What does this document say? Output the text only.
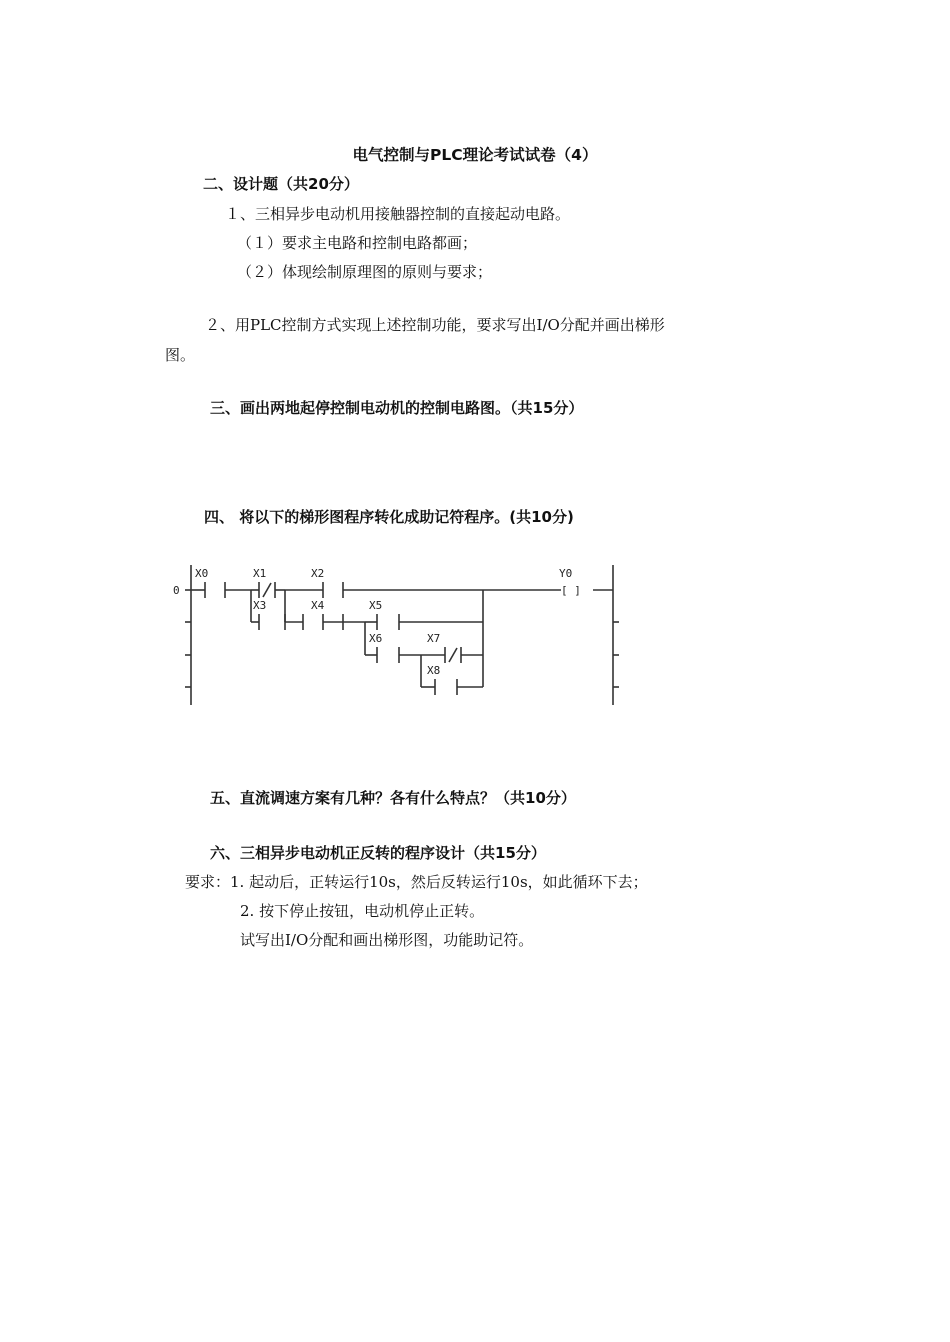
电气控制与PLC理论考试试卷（4）
二、设计题（共20分）
１、三相异步电动机用接触器控制的直接起动电路。
（１）要求主电路和控制电路都画；
（２）体现绘制原理图的原则与要求；
２、用PLC控制方式实现上述控制功能，要求写出I/O分配并画出梯形
图。
三、画出两地起停控制电动机的控制电路图。（共15分）
四、 将以下的梯形图程序转化成助记符程序。(共10分)
0
X0	X1
X3
X2
X4	X5
X6	X7
X8
Y0
[ ]
五、直流调速方案有几种？各有什么特点？（共10分）
六、三相异步电动机正反转的程序设计（共15分）
要求：1. 起动后，正转运行10s，然后反转运行10s，如此循环下去；
2. 按下停止按钮，电动机停止正转。
试写出I/O分配和画出梯形图，功能助记符。
